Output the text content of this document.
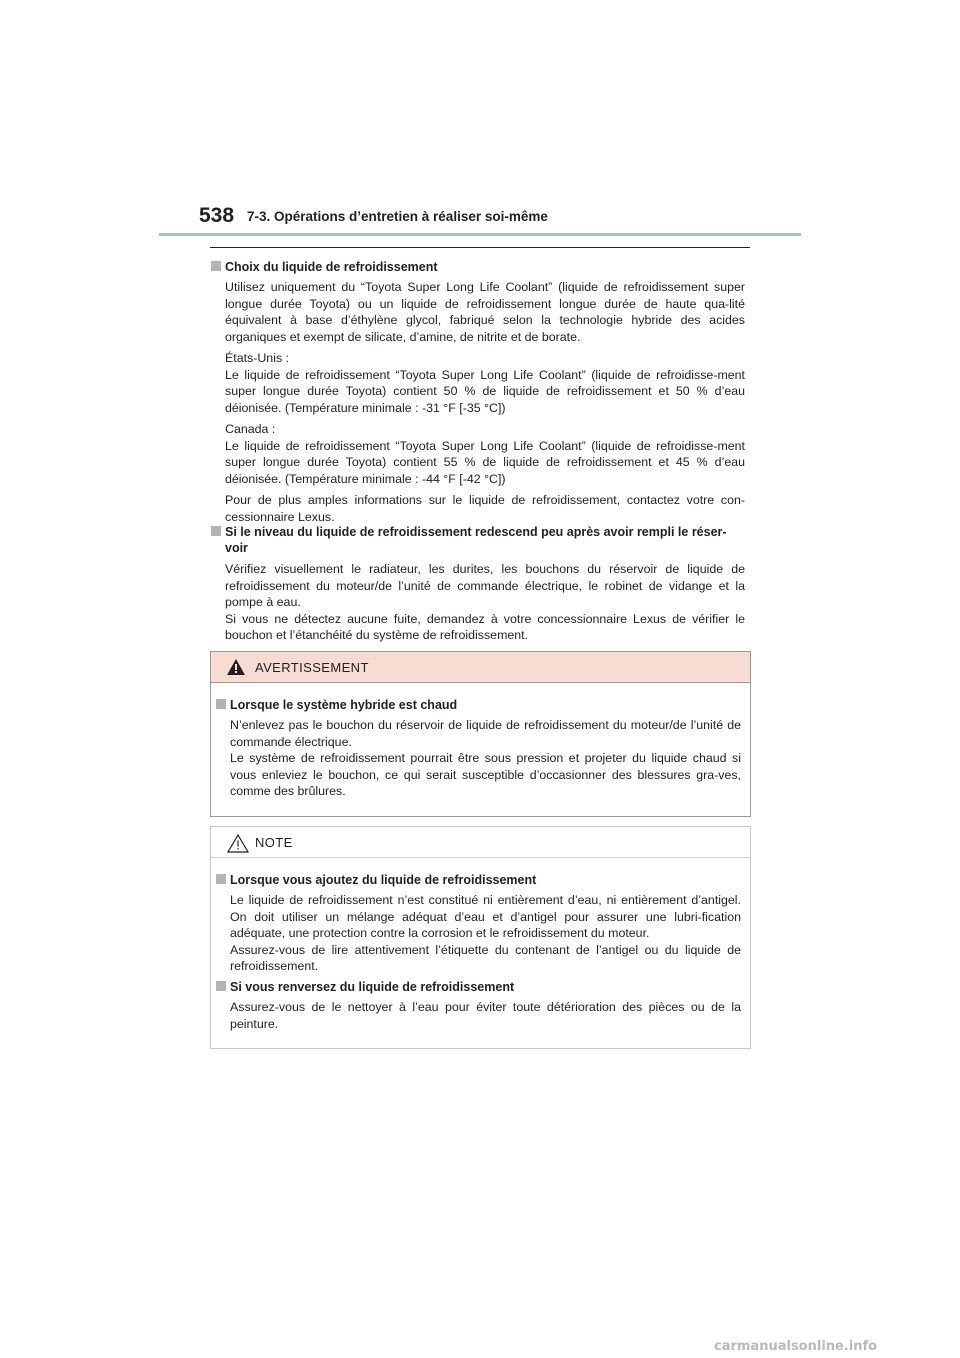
538 7-3. Opérations d’entretien à réaliser soi-même
Choix du liquide de refroidissement

Utilisez uniquement du “Toyota Super Long Life Coolant” (liquide de refroidissement super longue durée Toyota) ou un liquide de refroidissement longue durée de haute qua-lité équivalent à base d’éthylène glycol, fabriqué selon la technologie hybride des acides organiques et exempt de silicate, d’amine, de nitrite et de borate.

États-Unis :

Le liquide de refroidissement “Toyota Super Long Life Coolant” (liquide de refroidisse-ment super longue durée Toyota) contient 50 % de liquide de refroidissement et 50 % d’eau déionisée. (Température minimale : -31 °F [-35 °C])

Canada :

Le liquide de refroidissement “Toyota Super Long Life Coolant” (liquide de refroidisse-ment super longue durée Toyota) contient 55 % de liquide de refroidissement et 45 % d’eau déionisée. (Température minimale : -44 °F [-42 °C])

Pour de plus amples informations sur le liquide de refroidissement, contactez votre con-cessionnaire Lexus.

Si le niveau du liquide de refroidissement redescend peu après avoir rempli le réser-voir

Vérifiez visuellement le radiateur, les durites, les bouchons du réservoir de liquide de refroidissement du moteur/de l’unité de commande électrique, le robinet de vidange et la pompe à eau.

Si vous ne détectez aucune fuite, demandez à votre concessionnaire Lexus de vérifier le bouchon et l’étanchéité du système de refroidissement.

AVERTISSEMENT
Lorsque le système hybride est chaud

N’enlevez pas le bouchon du réservoir de liquide de refroidissement du moteur/de l’unité de commande électrique.

Le système de refroidissement pourrait être sous pression et projeter du liquide chaud si vous enleviez le bouchon, ce qui serait susceptible d’occasionner des blessures gra-ves, comme des brûlures.

NOTE
Lorsque vous ajoutez du liquide de refroidissement

Le liquide de refroidissement n’est constitué ni entièrement d’eau, ni entièrement d’antigel. On doit utiliser un mélange adéquat d’eau et d’antigel pour assurer une lubri-fication adéquate, une protection contre la corrosion et le refroidissement du moteur.

Assurez-vous de lire attentivement l’étiquette du contenant de l’antigel ou du liquide de refroidissement.

Si vous renversez du liquide de refroidissement

Assurez-vous de le nettoyer à l’eau pour éviter toute détérioration des pièces ou de la peinture.

carmanualsonline.info
